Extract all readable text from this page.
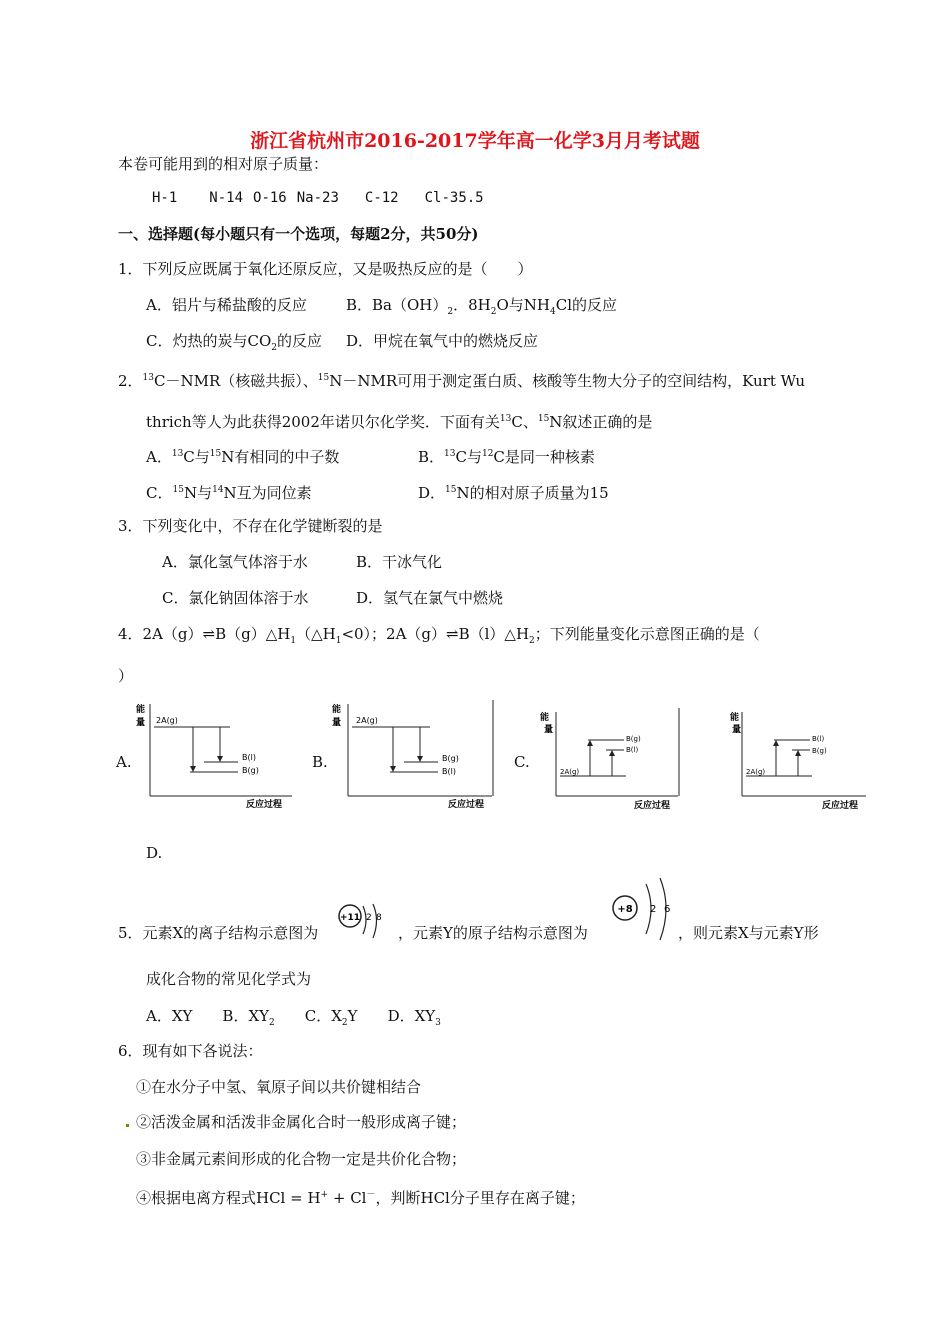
浙江省杭州市2016-2017学年高一化学3月月考试题
本卷可能用到的相对原子质量：
H-1 N-14 O-16 Na-23 C-12 Cl-35.5
一、选择题(每小题只有一个选项，每题2分，共50分)
1．下列反应既属于氧化还原反应，又是吸热反应的是（　　）
A．铝片与稀盐酸的反应	B．$Ba(OH)_2$．$8H_2O$与$NH_4Cl$的反应
C．灼热的炭与$CO_2$的反应 D．甲烷在氧气中的燃烧反应
2．$^{13}$C－NMR（核磁共振）、$^{15}$N－NMR可用于测定蛋白质、核酸等生物大分子的空间结构，Kurt Wu
thrich等人为此获得2002年诺贝尔化学奖．下面有关$^{13}$C、$^{15}$N叙述正确的是
A．$^{13}$C与$^{15}$N有相同的中子数	B．$^{13}$C与$^{12}$C是同一种核素
C．$^{15}$N与$^{14}$N互为同位素	D．$^{15}$N的相对原子质量为15
3．下列变化中，不存在化学键断裂的是
A．氯化氢气体溶于水	B．干冰气化
C．氯化钠固体溶于水	D．氢气在氯气中燃烧
4．$2A(g)\rightleftharpoons B(g)\triangle H_1(\triangle H_1<0)$；$2A(g)\rightleftharpoons B(l)\triangle H_2$；下列能量变化示意图正确的是（
）
A.	B.	C.
D.
能
量 2A(g)
B(l)
B(g)
反应过程
能
量 2A(g)
B(g)
B(l)
反应过程
能
量
2A(g)
B(g)
B(l)
反应过程
能
量
2A(g)
B(l)
B(g)
反应过程
5．元素X的离子结构示意图为
+11 2 8
，元素Y的原子结构示意图为
+8 2 6
，则元素X与元素Y形
成化合物的常见化学式为
A．XY B．$XY_2$ C．$X_2Y$ D．$XY_3$
6．现有如下各说法：
①在水分子中氢、氧原子间以共价键相结合
②活泼金属和活泼非金属化合时一般形成离子键；
③非金属元素间形成的化合物一定是共价化合物；
④根据电离方程式HCl = H+ + Cl－，判断HCl分子里存在离子键；
